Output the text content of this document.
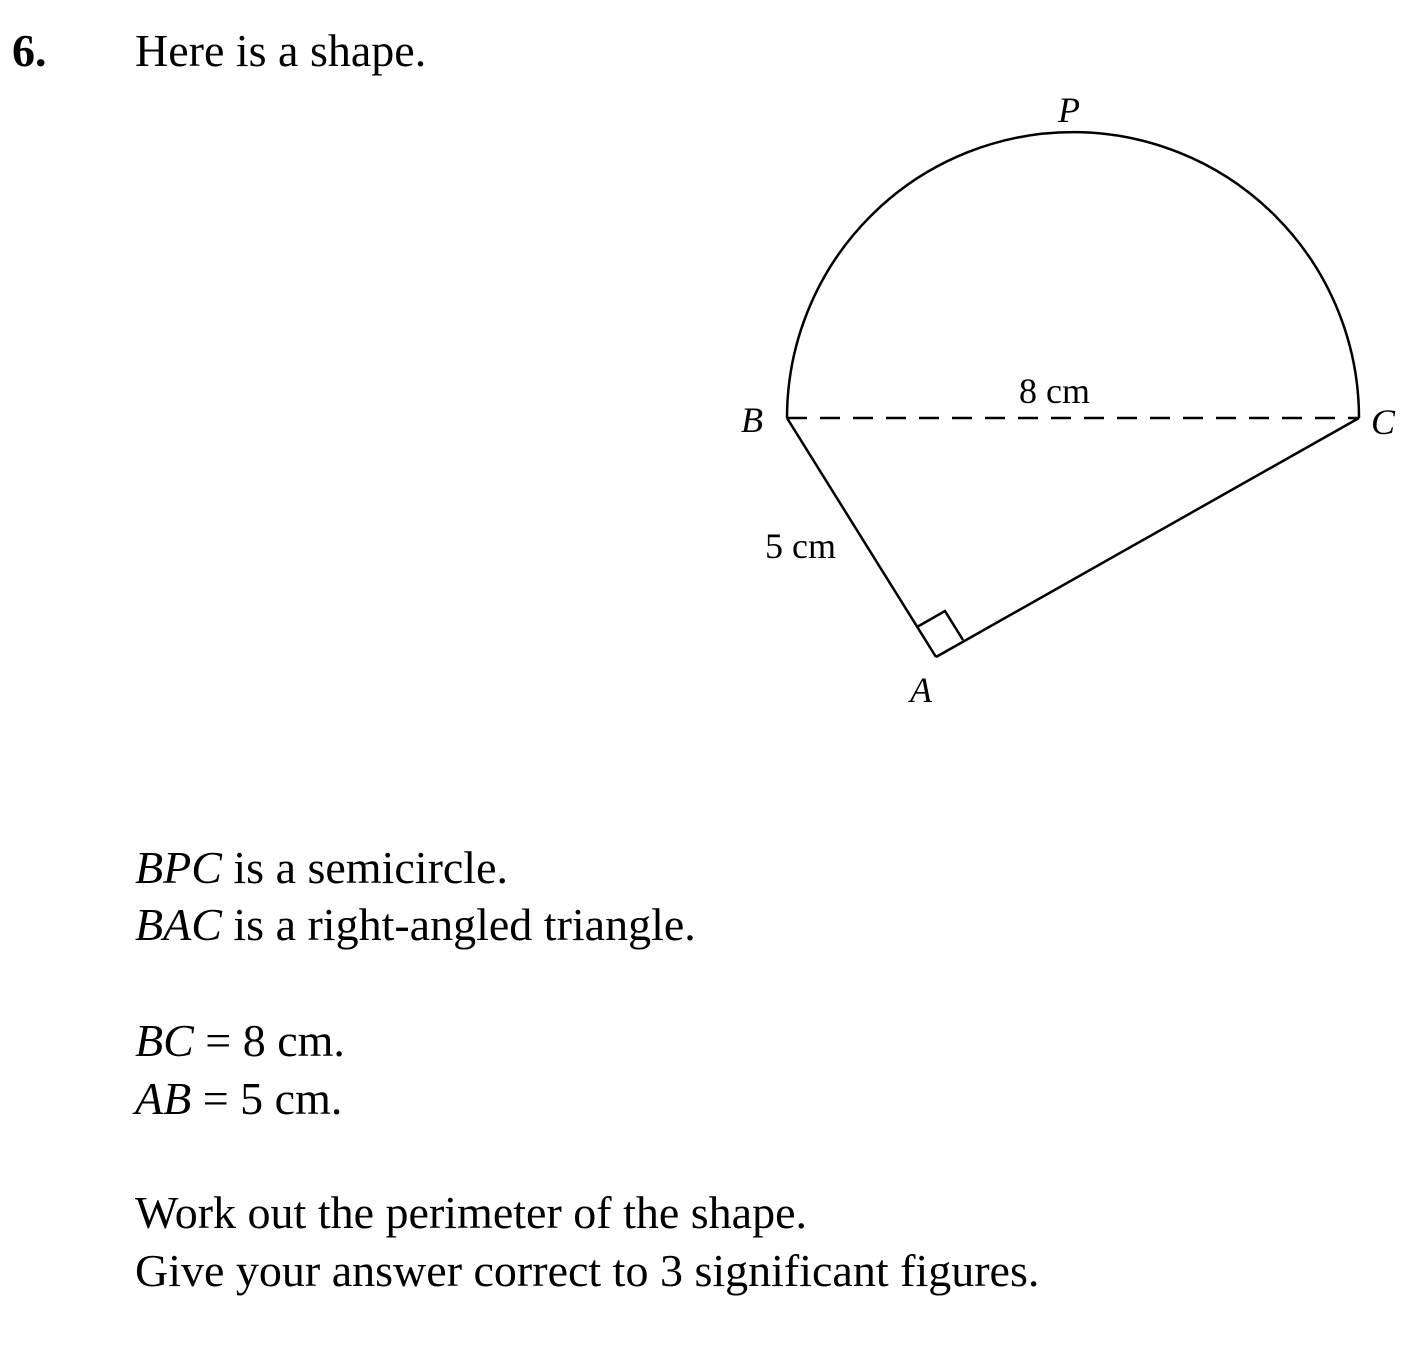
6. Here is a shape.
P
B	C
A
8 cm
5 cm
BPC is a semicircle.
BAC is a right-angled triangle.
BC = 8 cm.
AB = 5 cm.
Work out the perimeter of the shape.
Give your answer correct to 3 significant figures.
